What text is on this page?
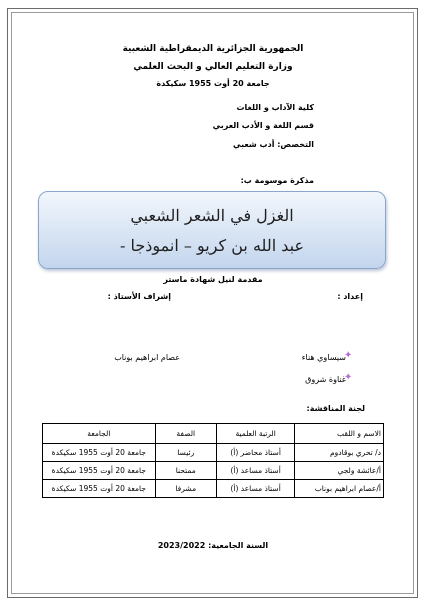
الجمهورية الجزائرية الديمقراطية الشعبية
وزارة التعليم العالي و البحث العلمي
جامعة 20 أوت 1955 سكيكدة
كلية الآداب و اللغات
قسم اللغة و الأدب العربي
التخصص: أدب شعبي
مذكرة موسومة ب:
الغزل في الشعر الشعبي
عبد الله بن كريو – انموذجا -
مقدمة لنيل شهادة ماستر
إعداد :
إشراف الأستاذ :
سيساوي هناء
✦
غناوة شروق
✦
عصام ابراهيم بوناب
لجنة المناقشة:
الاسم و اللقب	الرتبة العلمية	الصفة	الجامعة
د/ تحري بوقادوم	أستاذ محاضر (أ)	رئيسا	جامعة 20 أوت 1955 سكيكدة
أ/عائشة ولجي	أستاذ مساعد (أ)	ممتحنا	جامعة 20 أوت 1955 سكيكدة
أ/عصام ابراهيم بوناب	أستاذ مساعد (أ)	مشرفا	جامعة 20 أوت 1955 سكيكدة
السنة الجامعية: 2023/2022
